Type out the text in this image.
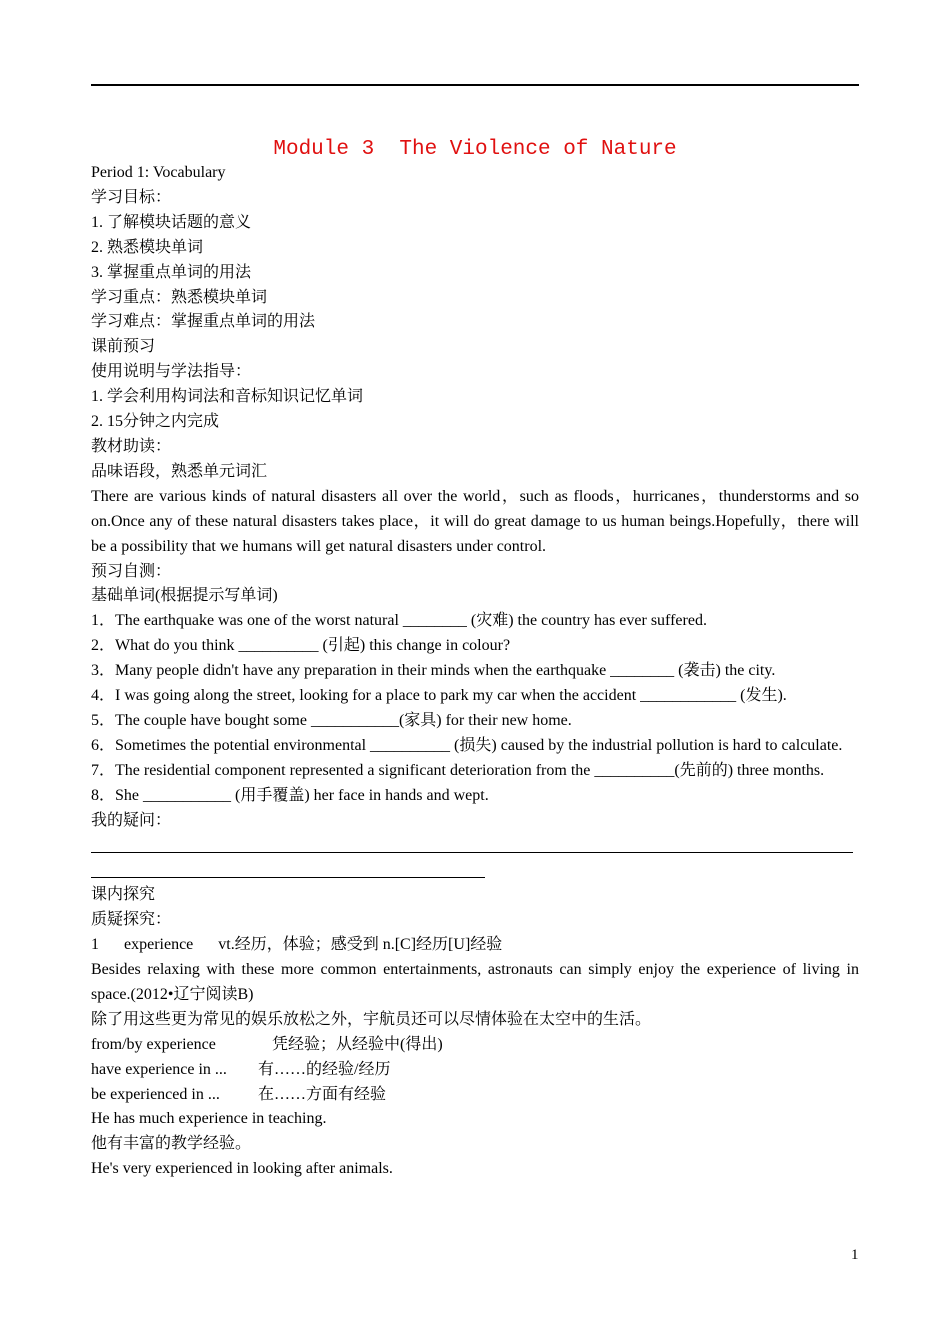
Module 3  The Violence of Nature
Period 1: Vocabulary
学习目标：
1. 了解模块话题的意义
2. 熟悉模块单词
3. 掌握重点单词的用法
学习重点：熟悉模块单词
学习难点：掌握重点单词的用法
课前预习
使用说明与学法指导：
1. 学会利用构词法和音标知识记忆单词
2. 15分钟之内完成
教材助读：
品味语段，熟悉单元词汇
There are various kinds of natural disasters all over the world，such as floods，hurricanes，thunderstorms and so on.Once any of these natural disasters takes place，it will do great damage to us human beings.Hopefully，there will be a possibility that we humans will get natural disasters under control.
预习自测：
基础单词(根据提示写单词)
1．The earthquake was one of the worst natural ________ (灾难) the country has ever suffered.
2．What do you think __________ (引起) this change in colour?
3．Many people didn't have any preparation in their minds when the earthquake ________ (袭击) the city.
4．I was going along the street, looking for a place to park my car when the accident ____________ (发生).
5．The couple have bought some ___________(家具) for their new home.
6．Sometimes the potential environmental __________ (损失) caused by the industrial pollution is hard to calculate.
7．The residential component represented a significant deterioration from the __________(先前的) three months.
8．She ___________ (用手覆盖) her face in hands and wept.
我的疑问：
课内探究
质疑探究：
1 experience vt.经历，体验；感受到 n.[C]经历[U]经验
Besides relaxing with these more common entertainments, astronauts can simply enjoy the experience of living in space.(2012•辽宁阅读B)
除了用这些更为常见的娱乐放松之外，宇航员还可以尽情体验在太空中的生活。
from/by experience	凭经验；从经验中(得出)
have experience in ... 有……的经验/经历
be experienced in ... 在……方面有经验
He has much experience in teaching.
他有丰富的教学经验。
He's very experienced in looking after animals.
1
